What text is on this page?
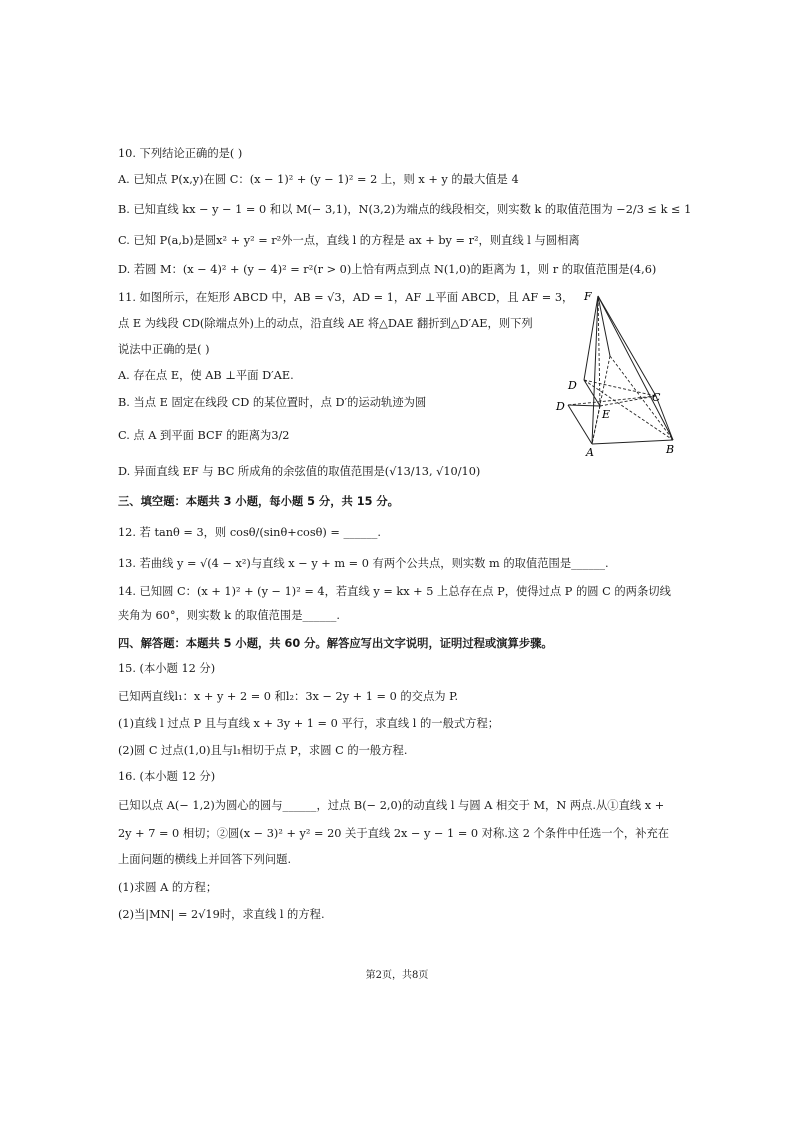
10. 下列结论正确的是( )
A. 已知点 P(x,y)在圆 C：(x − 1)² + (y − 1)² = 2 上，则 x + y 的最大值是 4
B. 已知直线 kx − y − 1 = 0 和以 M(− 3,1)，N(3,2)为端点的线段相交，则实数 k 的取值范围为 −2/3 ≤ k ≤ 1
C. 已知 P(a,b)是圆x² + y² = r²外一点，直线 l 的方程是 ax + by = r²，则直线 l 与圆相离
D. 若圆 M：(x − 4)² + (y − 4)² = r²(r > 0)上恰有两点到点 N(1,0)的距离为 1，则 r 的取值范围是(4,6)
11. 如图所示，在矩形 ABCD 中，AB = √3，AD = 1，AF ⊥平面 ABCD，且 AF = 3，
点 E 为线段 CD(除端点外)上的动点，沿直线 AE 将△DAE 翻折到△D′AE，则下列
说法中正确的是( )
A. 存在点 E，使 AB ⊥平面 D′AE.
B. 当点 E 固定在线段 CD 的某位置时，点 D′的运动轨迹为圆
C. 点 A 到平面 BCF 的距离为3/2
D. 异面直线 EF 与 BC 所成角的余弦值的取值范围是(√13/13, √10/10)
三、填空题：本题共 3 小题，每小题 5 分，共 15 分。
12. 若 tanθ = 3，则 cosθ/(sinθ+cosθ) = ______.
13. 若曲线 y = √(4 − x²)与直线 x − y + m = 0 有两个公共点，则实数 m 的取值范围是______.
14. 已知圆 C：(x + 1)² + (y − 1)² = 4，若直线 y = kx + 5 上总存在点 P，使得过点 P 的圆 C 的两条切线
夹角为 60°，则实数 k 的取值范围是______.
四、解答题：本题共 5 小题，共 60 分。解答应写出文字说明，证明过程或演算步骤。
15. (本小题 12 分)
已知两直线l₁：x + y + 2 = 0 和l₂：3x − 2y + 1 = 0 的交点为 P.
(1)直线 l 过点 P 且与直线 x + 3y + 1 = 0 平行，求直线 l 的一般式方程；
(2)圆 C 过点(1,0)且与l₁相切于点 P，求圆 C 的一般方程.
16. (本小题 12 分)
已知以点 A(− 1,2)为圆心的圆与______，过点 B(− 2,0)的动直线 l 与圆 A 相交于 M，N 两点.从①直线 x +
2y + 7 = 0 相切；②圆(x − 3)² + y² = 20 关于直线 2x − y − 1 = 0 对称.这 2 个条件中任选一个，补充在
上面问题的横线上并回答下列问题.
(1)求圆 A 的方程；
(2)当|MN| = 2√19时，求直线 l 的方程.
F
D
D
C
E
A	B
第2页，共8页
